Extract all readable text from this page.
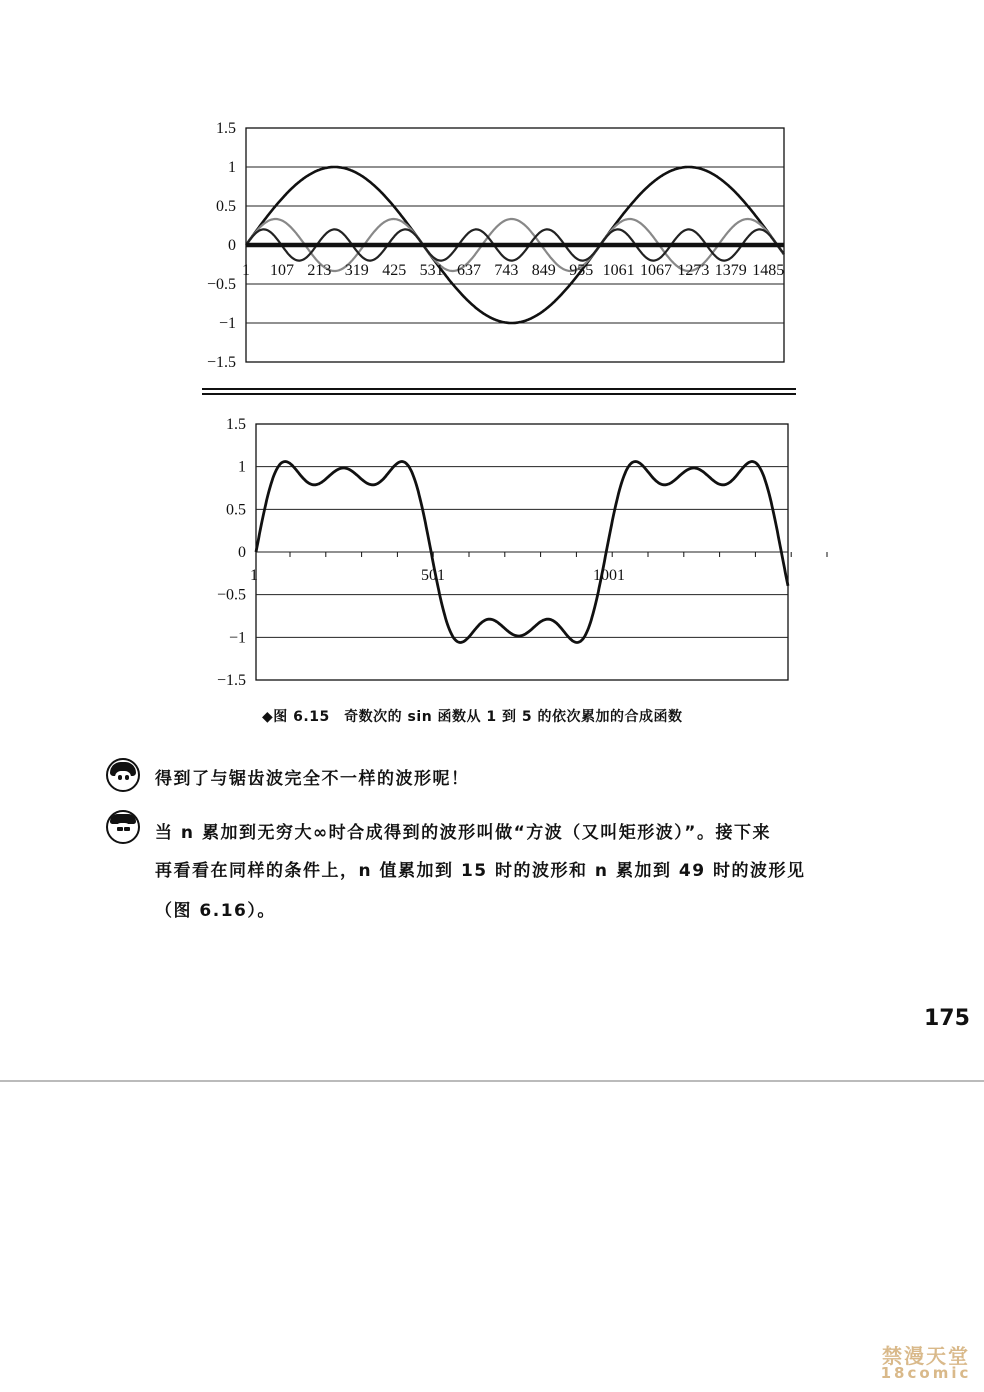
1.5
1
0.5
0
−0.5
−1
−1.5
1 107 213 319 425 531 637 743 849 955 1061 1067 1273 1379 1485
1.5
1
0.5
0
−0.5
−1
−1.5
1	501	1001
◆图 6.15　奇数次的 sin 函数从 1 到 5 的依次累加的合成函数
得到了与锯齿波完全不一样的波形呢！
当 n 累加到无穷大∞时合成得到的波形叫做“方波（又叫矩形波）”。接下来
再看看在同样的条件上，n 值累加到 15 时的波形和 n 累加到 49 时的波形见
（图 6.16）。
175
禁漫天堂
18comic
